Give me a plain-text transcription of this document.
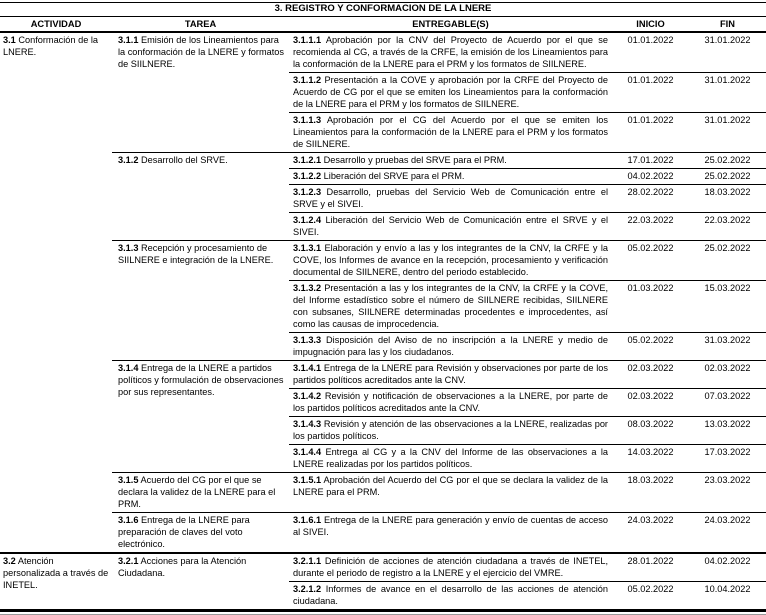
3. REGISTRO Y CONFORMACION DE LA LNERE
ACTIVIDAD	TAREA	ENTREGABLE(S)	INICIO	FIN
3.1 Conformación de la LNERE.	3.1.1 Emisión de los Lineamientos para la conformación de la LNERE y formatos de SIILNERE.	3.1.1.1 Aprobación por la CNV del Proyecto de Acuerdo por el que se recomienda al CG, a través de la CRFE, la emisión de los Lineamientos para la conformación de la LNERE para el PRM y los formatos de SIILNERE.	01.01.2022	31.01.2022
		3.1.1.2 Presentación a la COVE y aprobación por la CRFE del Proyecto de Acuerdo de CG por el que se emiten los Lineamientos para la conformación de la LNERE para el PRM y los formatos de SIILNERE.	01.01.2022	31.01.2022
		3.1.1.3 Aprobación por el CG del Acuerdo por el que se emiten los Lineamientos para la conformación de la LNERE para el PRM y los formatos de SIILNERE.	01.01.2022	31.01.2022
	3.1.2 Desarrollo del SRVE.	3.1.2.1 Desarrollo y pruebas del SRVE para el PRM.	17.01.2022	25.02.2022
		3.1.2.2 Liberación del SRVE para el PRM.	04.02.2022	25.02.2022
		3.1.2.3 Desarrollo, pruebas del Servicio Web de Comunicación entre el SRVE y el SIVEI.	28.02.2022	18.03.2022
		3.1.2.4 Liberación del Servicio Web de Comunicación entre el SRVE y el SIVEI.	22.03.2022	22.03.2022
	3.1.3 Recepción y procesamiento de SIILNERE e integración de la LNERE.	3.1.3.1 Elaboración y envío a las y los integrantes de la CNV, la CRFE y la COVE, los Informes de avance en la recepción, procesamiento y verificación documental de SIILNERE, dentro del periodo establecido.	05.02.2022	25.02.2022
		3.1.3.2 Presentación a las y los integrantes de la CNV, la CRFE y la COVE, del Informe estadístico sobre el número de SIILNERE recibidas, SIILNERE con subsanes, SIILNERE determinadas procedentes e improcedentes, así como las causas de improcedencia.	01.03.2022	15.03.2022
		3.1.3.3 Disposición del Aviso de no inscripción a la LNERE y medio de impugnación para las y los ciudadanos.	05.02.2022	31.03.2022
	3.1.4 Entrega de la LNERE a partidos políticos y formulación de observaciones por sus representantes.	3.1.4.1 Entrega de la LNERE para Revisión y observaciones por parte de los partidos políticos acreditados ante la CNV.	02.03.2022	02.03.2022
		3.1.4.2 Revisión y notificación de observaciones a la LNERE, por parte de los partidos políticos acreditados ante la CNV.	02.03.2022	07.03.2022
		3.1.4.3 Revisión y atención de las observaciones a la LNERE, realizadas por los partidos políticos.	08.03.2022	13.03.2022
		3.1.4.4 Entrega al CG y a la CNV del Informe de las observaciones a la LNERE realizadas por los partidos políticos.	14.03.2022	17.03.2022
	3.1.5 Acuerdo del CG por el que se declara la validez de la LNERE para el PRM.	3.1.5.1 Aprobación del Acuerdo del CG por el que se declara la validez de la LNERE para el PRM.	18.03.2022	23.03.2022
	3.1.6 Entrega de la LNERE para preparación de claves del voto electrónico.	3.1.6.1 Entrega de la LNERE para generación y envío de cuentas de acceso al SIVEI.	24.03.2022	24.03.2022
3.2 Atención personalizada a través de INETEL.	3.2.1 Acciones para la Atención Ciudadana.	3.2.1.1 Definición de acciones de atención ciudadana a través de INETEL, durante el periodo de registro a la LNERE y el ejercicio del VMRE.	28.01.2022	04.02.2022
		3.2.1.2 Informes de avance en el desarrollo de las acciones de atención ciudadana.	05.02.2022	10.04.2022
